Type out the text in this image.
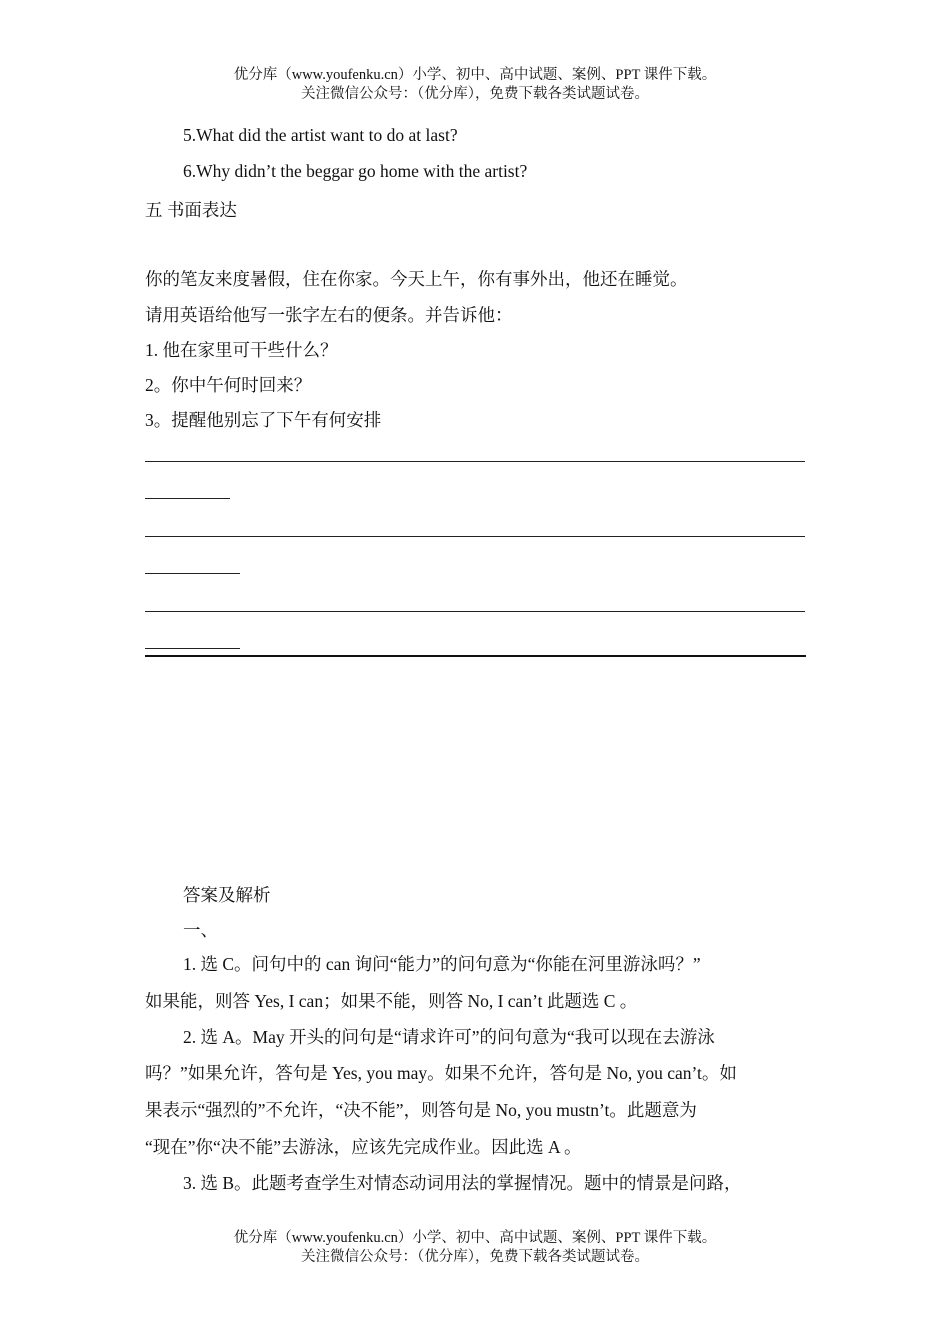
优分库（www.youfenku.cn）小学、初中、高中试题、案例、PPT 课件下载。
关注微信公众号：（优分库），免费下载各类试题试卷。
5.What did the artist want to do at last?
6.Why didn’t the beggar go home with the artist?
五 书面表达
你的笔友来度暑假，住在你家。今天上午，你有事外出，他还在睡觉。
请用英语给他写一张字左右的便条。并告诉他：
1. 他在家里可干些什么？
2。你中午何时回来？
3。提醒他别忘了下午有何安排
答案及解析
一、
1. 选 C。问句中的 can 询问“能力”的问句意为“你能在河里游泳吗？”
如果能，则答 Yes, I can；如果不能，则答 No, I can’t 此题选 C 。
2. 选 A。May 开头的问句是“请求许可”的问句意为“我可以现在去游泳
吗？”如果允许，答句是 Yes, you may。如果不允许，答句是 No, you can’t。如
果表示“强烈的”不允许，“决不能”，则答句是 No, you mustn’t。此题意为
“现在”你“决不能”去游泳，应该先完成作业。因此选 A 。
3. 选 B。此题考查学生对情态动词用法的掌握情况。题中的情景是问路，
优分库（www.youfenku.cn）小学、初中、高中试题、案例、PPT 课件下载。
关注微信公众号：（优分库），免费下载各类试题试卷。
